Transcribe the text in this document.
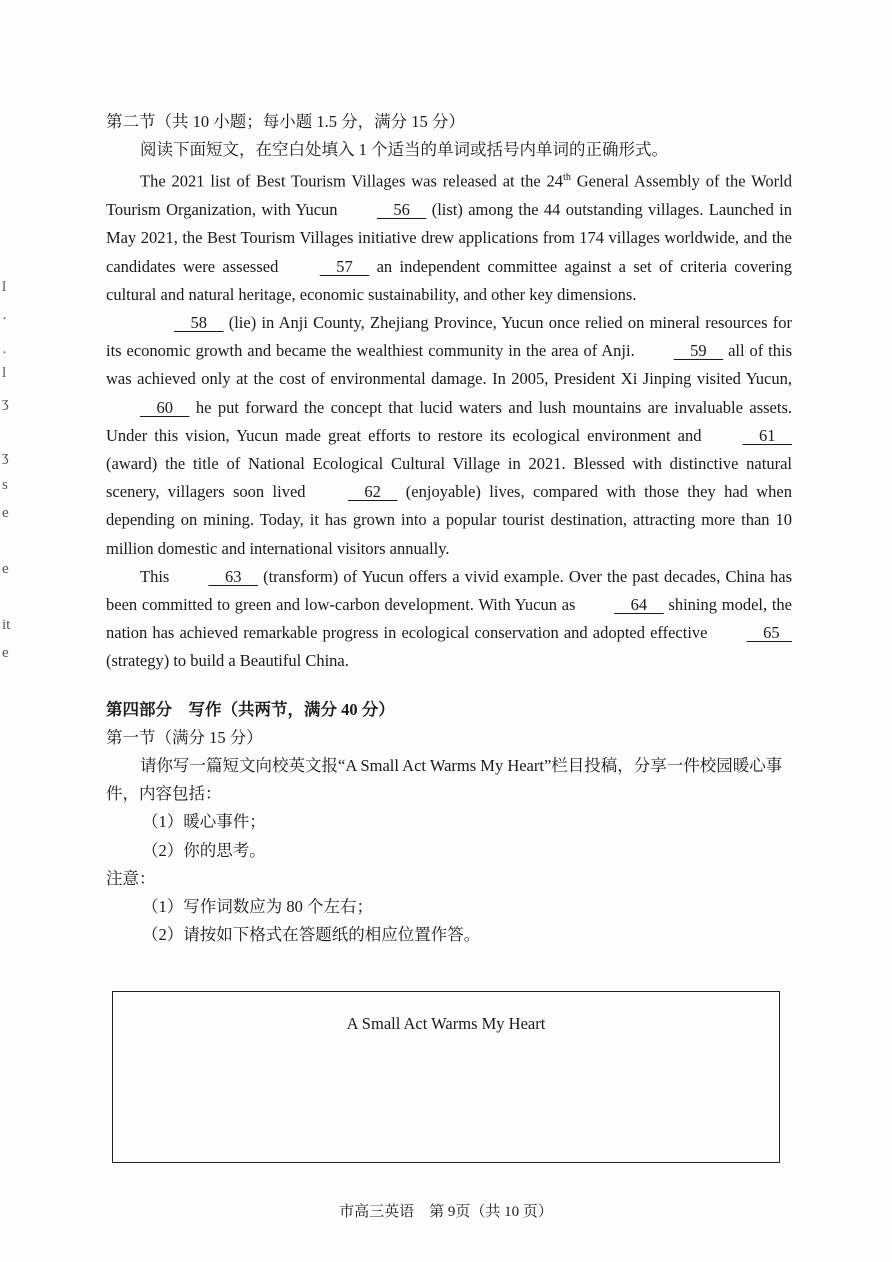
l
·
·
l
ʒ
ʒ
s
e
e
it
e

第二节（共 10 小题；每小题 1.5 分，满分 15 分）

阅读下面短文，在空白处填入 1 个适当的单词或括号内单词的正确形式。

The 2021 list of Best Tourism Villages was released at the 24th General Assembly of the World Tourism Organization, with Yucun     56     (list) among the 44 outstanding villages. Launched in May 2021, the Best Tourism Villages initiative drew applications from 174 villages worldwide, and the candidates were assessed     57     an independent committee against a set of criteria covering cultural and natural heritage, economic sustainability, and other key dimensions.

58     (lie) in Anji County, Zhejiang Province, Yucun once relied on mineral resources for its economic growth and became the wealthiest community in the area of Anji.     59     all of this was achieved only at the cost of environmental damage. In 2005, President Xi Jinping visited Yucun,     60     he put forward the concept that lucid waters and lush mountains are invaluable assets. Under this vision, Yucun made great efforts to restore its ecological environment and     61     (award) the title of National Ecological Cultural Village in 2021. Blessed with distinctive natural scenery, villagers soon lived     62     (enjoyable) lives, compared with those they had when depending on mining. Today, it has grown into a popular tourist destination, attracting more than 10 million domestic and international visitors annually.

This     63     (transform) of Yucun offers a vivid example. Over the past decades, China has been committed to green and low-carbon development. With Yucun as     64     shining model, the nation has achieved remarkable progress in ecological conservation and adopted effective     65    (strategy) to build a Beautiful China.

第四部分　写作（共两节，满分 40 分）

第一节（满分 15 分）

请你写一篇短文向校英文报“A Small Act Warms My Heart”栏目投稿，分享一件校园暖心事件，内容包括：

（1）暖心事件；

（2）你的思考。

注意：

（1）写作词数应为 80 个左右；

（2）请按如下格式在答题纸的相应位置作答。

A Small Act Warms My Heart
市高三英语　第 9页（共 10 页）
